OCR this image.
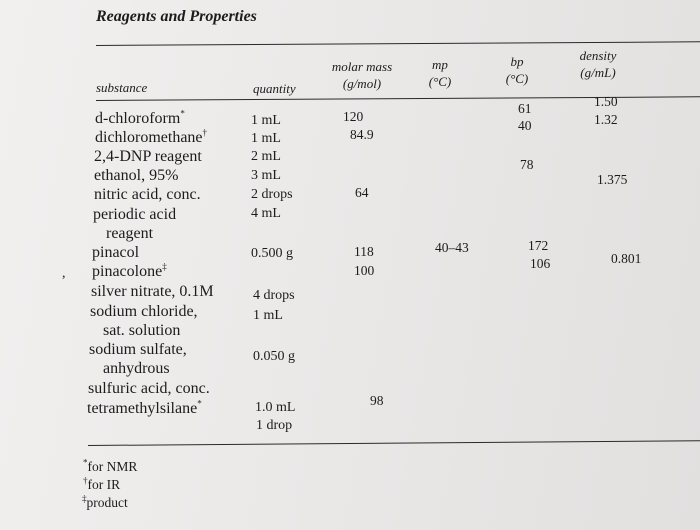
Reagents and Properties
substance	quantity
molar mass
(g/mol)
mp
(°C)
bp
(°C)
density
(g/mL)
d-chloroform*
dichloromethane†
2,4-DNP reagent
ethanol, 95%
nitric acid, conc.
periodic acid
reagent
pinacol
pinacolone‡
,
silver nitrate, 0.1M
sodium chloride,
sat. solution
sodium sulfate,
anhydrous
sulfuric acid, conc.
tetramethylsilane*
1 mL
1 mL
2 mL
3 mL
2 drops
4 mL
0.500 g
4 drops
1 mL
0.050 g
1.0 mL
1 drop
120
84.9
64
118
100
98
40–43
61
40
78
172
106
1.50
1.32
1.375
0.801
*for NMR
†for IR
‡product
